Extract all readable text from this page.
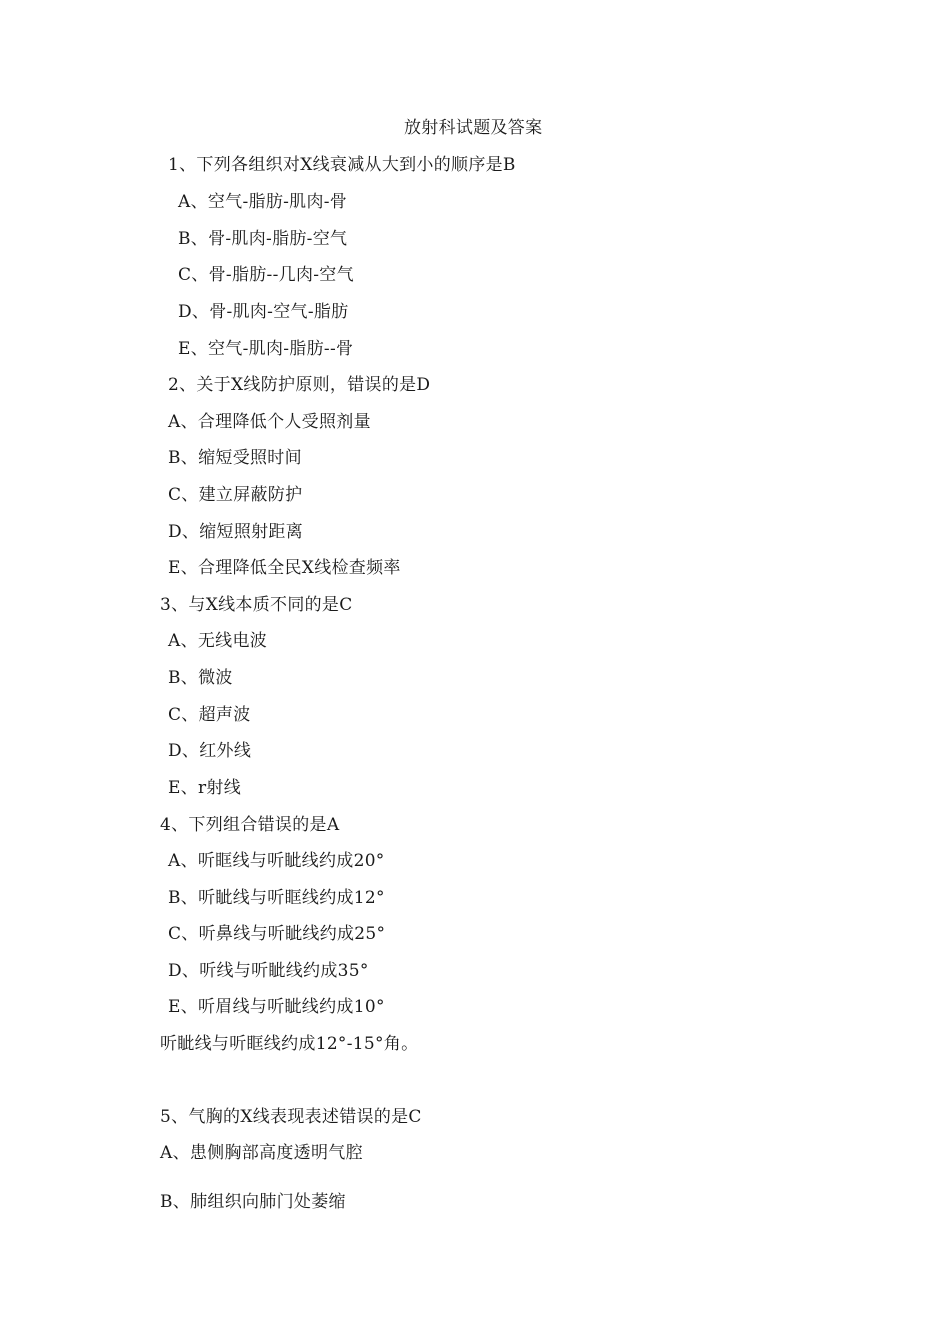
放射科试题及答案
1、下列各组织对X线衰减从大到小的顺序是B
A、空气-脂肪-肌肉-骨
B、骨-肌肉-脂肪-空气
C、骨-脂肪--几肉-空气
D、骨-肌肉-空气-脂肪
E、空气-肌肉-脂肪--骨
2、关于X线防护原则，错误的是D
A、合理降低个人受照剂量
B、缩短受照时间
C、建立屏蔽防护
D、缩短照射距离
E、合理降低全民X线检查频率
3、与X线本质不同的是C
A、无线电波
B、微波
C、超声波
D、红外线
E、r射线
4、下列组合错误的是A
A、听眶线与听眦线约成20°
B、听眦线与听眶线约成12°
C、听鼻线与听眦线约成25°
D、听线与听眦线约成35°
E、听眉线与听眦线约成10°
听眦线与听眶线约成12°-15°角。
5、气胸的X线表现表述错误的是C
A、患侧胸部高度透明气腔
B、肺组织向肺门处萎缩
